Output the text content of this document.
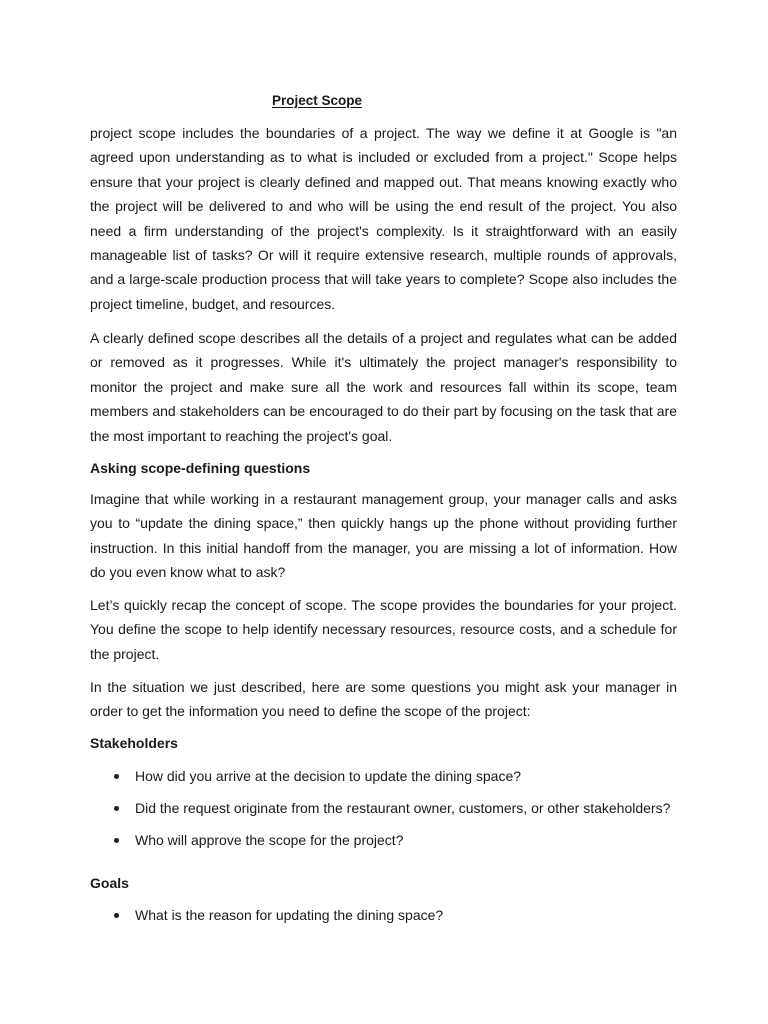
Project Scope

project scope includes the boundaries of a project. The way we define it at Google is "an agreed upon understanding as to what is included or excluded from a project." Scope helps ensure that your project is clearly defined and mapped out. That means knowing exactly who the project will be delivered to and who will be using the end result of the project. You also need a firm understanding of the project's complexity. Is it straightforward with an easily manageable list of tasks? Or will it require extensive research, multiple rounds of approvals, and a large-scale production process that will take years to complete? Scope also includes the project timeline, budget, and resources.

A clearly defined scope describes all the details of a project and regulates what can be added or removed as it progresses. While it's ultimately the project manager's responsibility to monitor the project and make sure all the work and resources fall within its scope, team members and stakeholders can be encouraged to do their part by focusing on the task that are the most important to reaching the project's goal.

Asking scope-defining questions

Imagine that while working in a restaurant management group, your manager calls and asks you to “update the dining space,” then quickly hangs up the phone without providing further instruction. In this initial handoff from the manager, you are missing a lot of information. How do you even know what to ask?

Let’s quickly recap the concept of scope. The scope provides the boundaries for your project. You define the scope to help identify necessary resources, resource costs, and a schedule for the project.

In the situation we just described, here are some questions you might ask your manager in order to get the information you need to define the scope of the project:

Stakeholders
How did you arrive at the decision to update the dining space?
Did the request originate from the restaurant owner, customers, or other stakeholders?
Who will approve the scope for the project?
Goals
What is the reason for updating the dining space?
